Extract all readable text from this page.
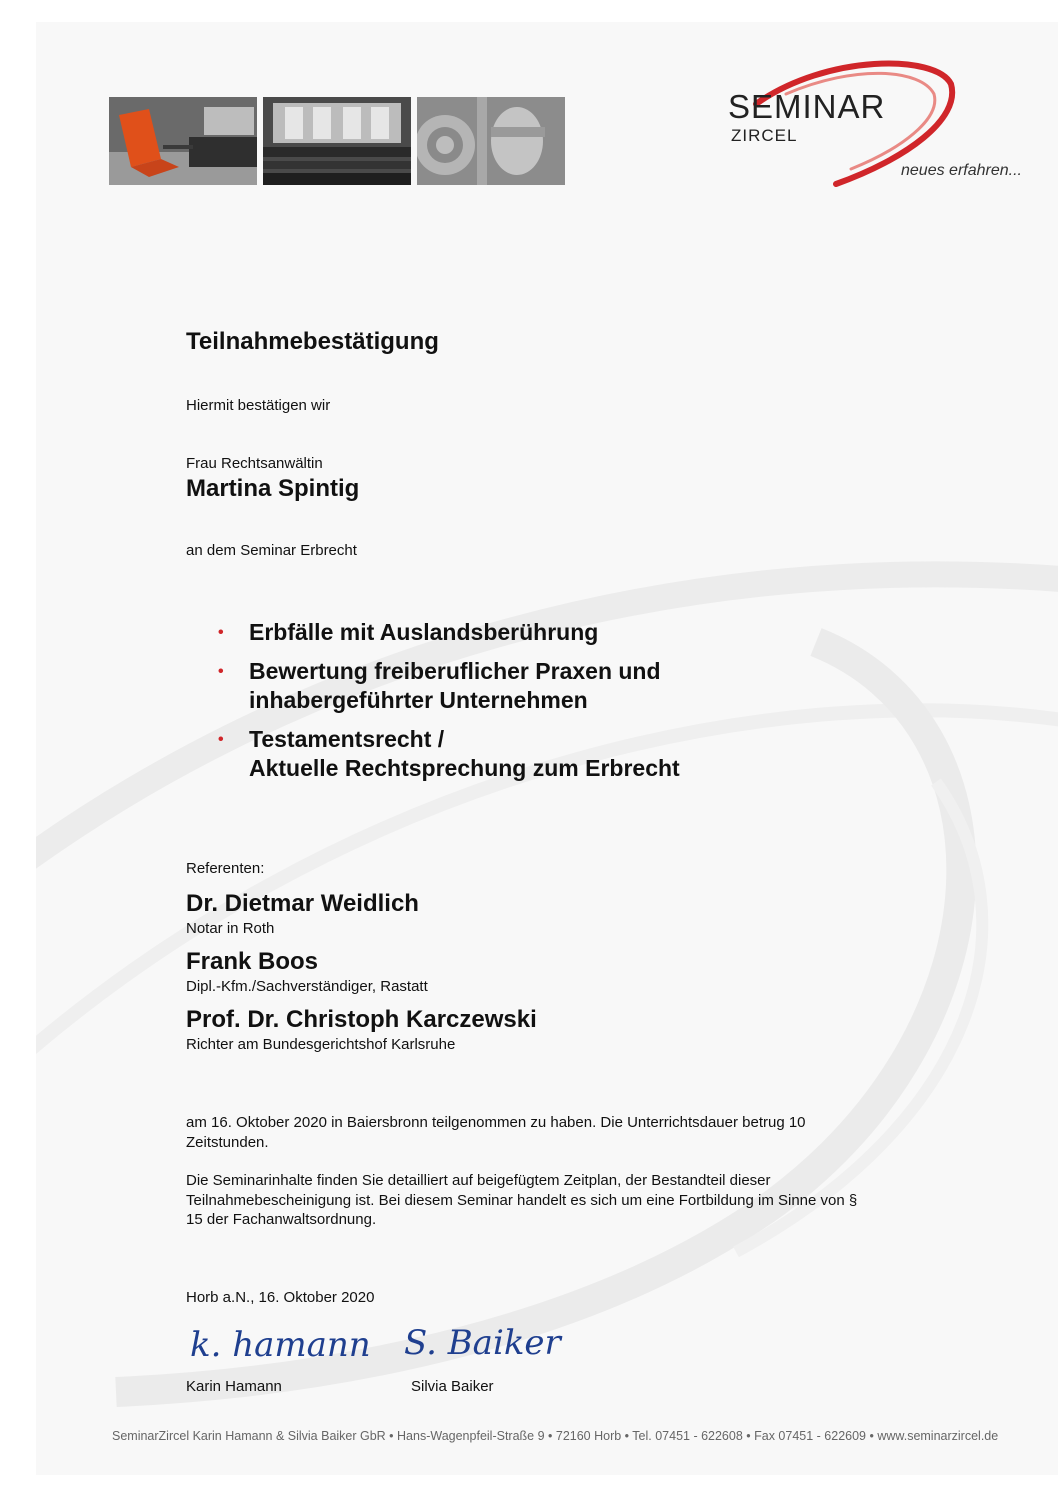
SEMINAR
ZIRCEL
neues erfahren...
Teilnahmebestätigung
Hiermit bestätigen wir
Frau Rechtsanwältin
Martina Spintig
an dem Seminar Erbrecht
•	Erbfälle mit Auslandsberührung
•	Bewertung freiberuflicher Praxen und
inhabergeführter Unternehmen
•	Testamentsrecht /
Aktuelle Rechtsprechung zum Erbrecht
Referenten:
Dr. Dietmar Weidlich
Notar in Roth
Frank Boos
Dipl.-Kfm./Sachverständiger, Rastatt
Prof. Dr. Christoph Karczewski
Richter am Bundesgerichtshof Karlsruhe
am 16. Oktober 2020 in Baiersbronn teilgenommen zu haben. Die Unterrichtsdauer betrug 10 Zeitstunden.
Die Seminarinhalte finden Sie detailliert auf beigefügtem Zeitplan, der Bestandteil dieser Teilnahmebescheinigung ist. Bei diesem Seminar handelt es sich um eine Fortbildung im Sinne von § 15 der Fachanwaltsordnung.
Horb a.N., 16. Oktober 2020
k. hamann S. Baiker
Karin Hamann	Silvia Baiker
SeminarZircel Karin Hamann & Silvia Baiker GbR • Hans-Wagenpfeil-Straße 9 • 72160 Horb • Tel. 07451 - 622608 • Fax 07451 - 622609 • www.seminarzircel.de
